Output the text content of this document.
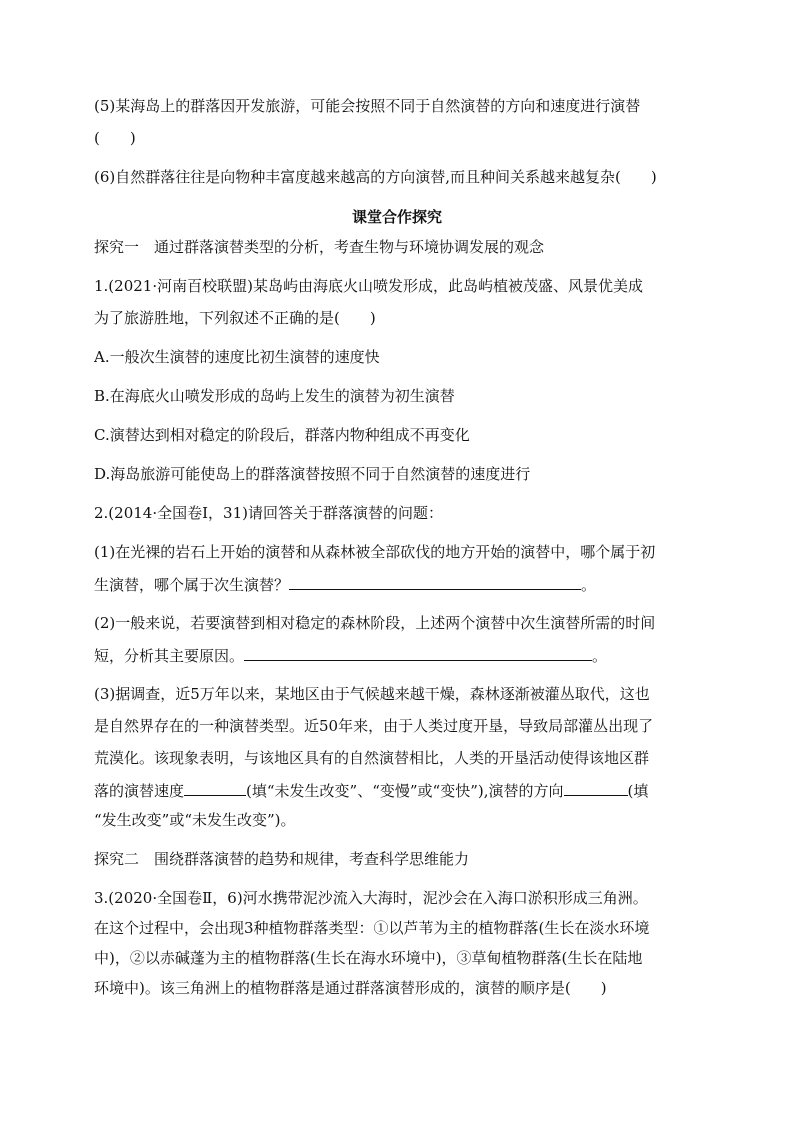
(5)某海岛上的群落因开发旅游，可能会按照不同于自然演替的方向和速度进行演替
(　　)
(6)自然群落往往是向物种丰富度越来越高的方向演替,而且种间关系越来越复杂(　　)
课堂合作探究
探究一　通过群落演替类型的分析，考查生物与环境协调发展的观念
1.(2021·河南百校联盟)某岛屿由海底火山喷发形成，此岛屿植被茂盛、风景优美成
为了旅游胜地，下列叙述不正确的是(　　)
A.一般次生演替的速度比初生演替的速度快
B.在海底火山喷发形成的岛屿上发生的演替为初生演替
C.演替达到相对稳定的阶段后，群落内物种组成不再变化
D.海岛旅游可能使岛上的群落演替按照不同于自然演替的速度进行
2.(2014·全国卷Ⅰ，31)请回答关于群落演替的问题：
(1)在光裸的岩石上开始的演替和从森林被全部砍伐的地方开始的演替中，哪个属于初
生演替，哪个属于次生演替？	。
(2)一般来说，若要演替到相对稳定的森林阶段，上述两个演替中次生演替所需的时间
短，分析其主要原因。	。
(3)据调查，近5万年以来，某地区由于气候越来越干燥，森林逐渐被灌丛取代，这也
是自然界存在的一种演替类型。近50年来，由于人类过度开垦，导致局部灌丛出现了
荒漠化。该现象表明，与该地区具有的自然演替相比，人类的开垦活动使得该地区群
落的演替速度	(填“未发生改变”、“变慢”或“变快”),演替的方向	(填
“发生改变”或“未发生改变”)。
探究二　围绕群落演替的趋势和规律，考查科学思维能力
3.(2020·全国卷Ⅱ，6)河水携带泥沙流入大海时，泥沙会在入海口淤积形成三角洲。
在这个过程中，会出现3种植物群落类型：①以芦苇为主的植物群落(生长在淡水环境
中)，②以赤碱蓬为主的植物群落(生长在海水环境中)，③草甸植物群落(生长在陆地
环境中)。该三角洲上的植物群落是通过群落演替形成的，演替的顺序是(　　)
